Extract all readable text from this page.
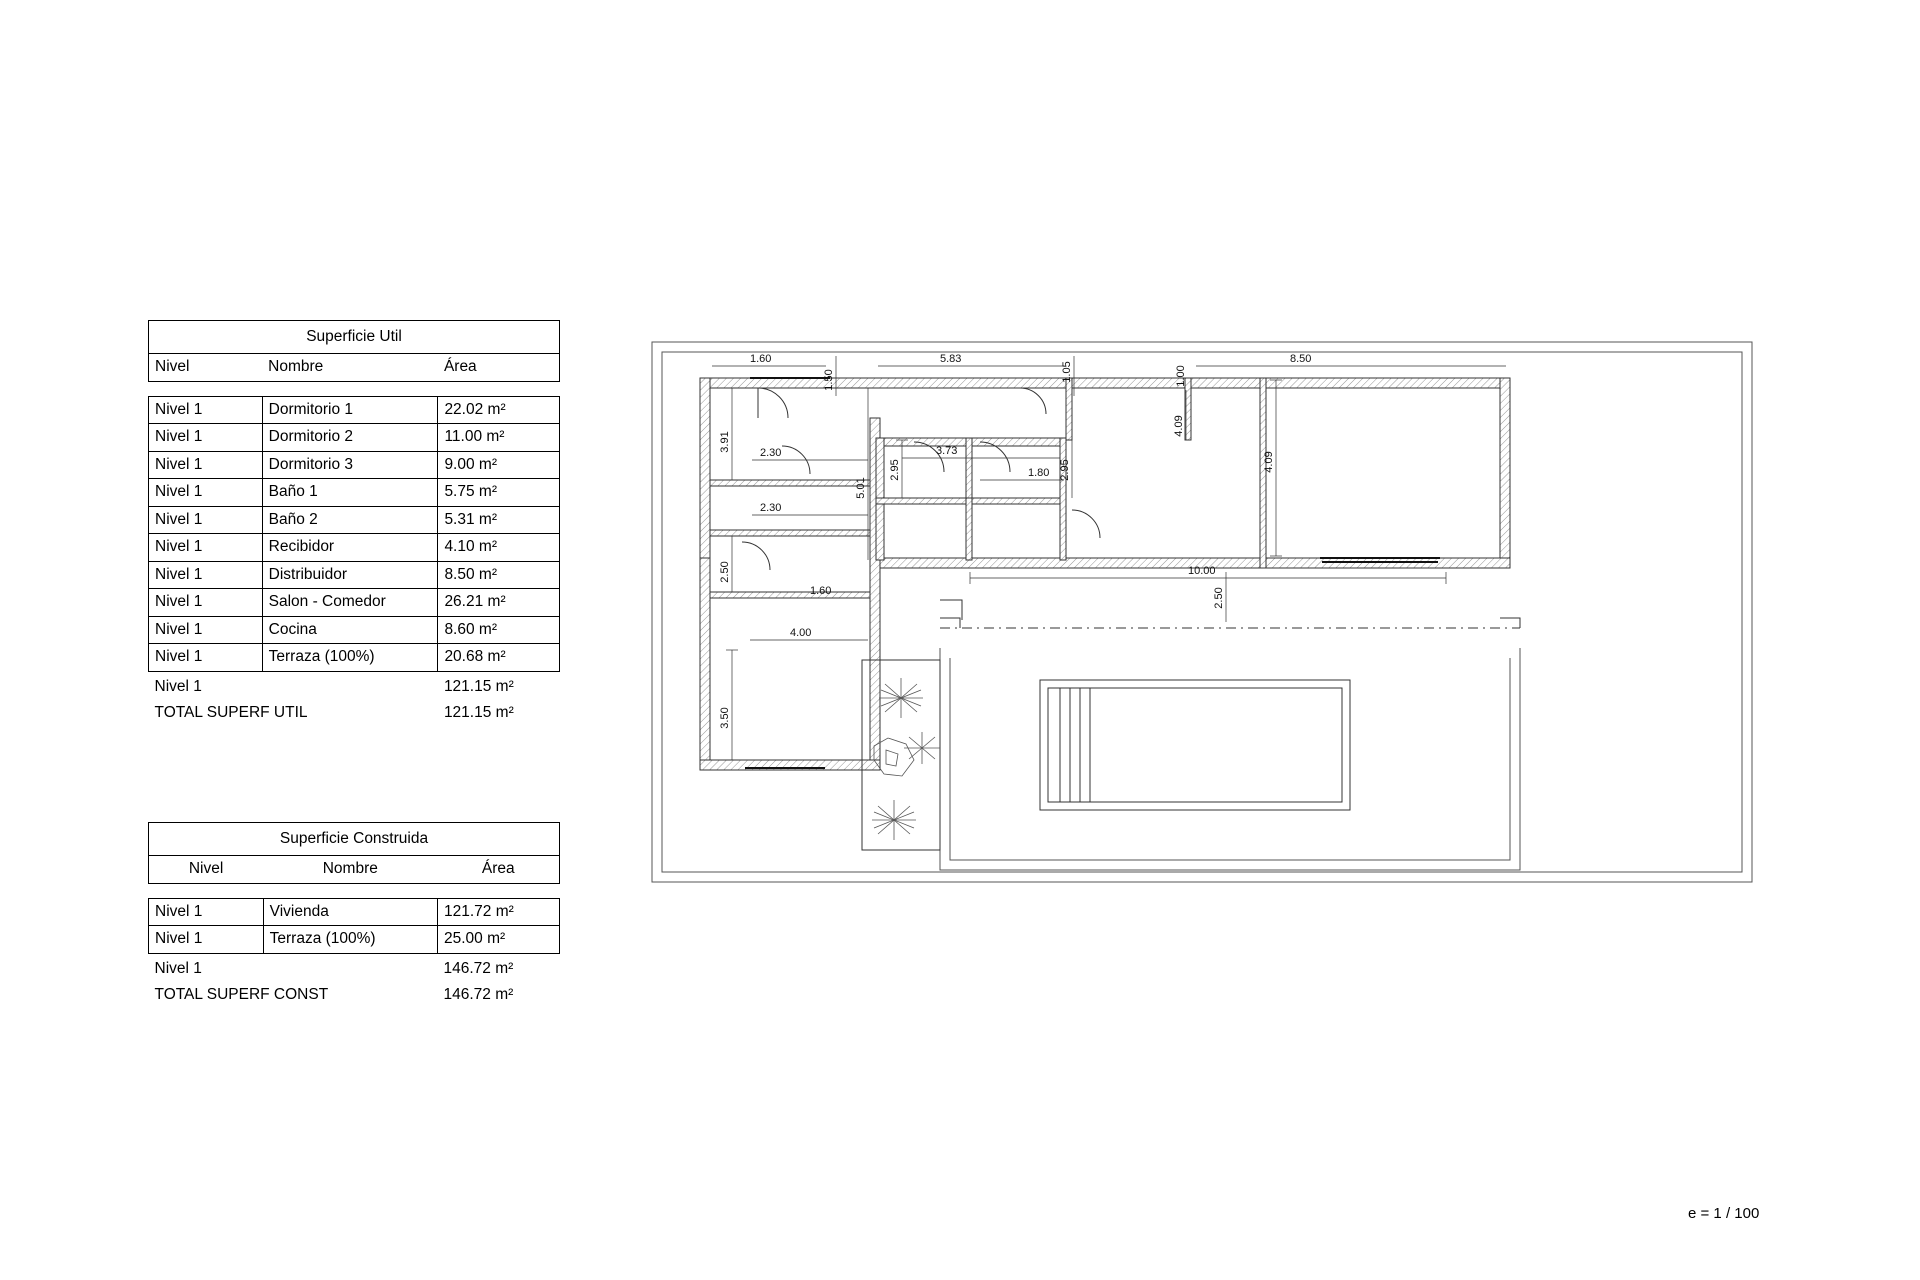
Superficie Util		
Nivel	Nombre	Área

Nivel 1	Dormitorio 1	22.02 m²
Nivel 1	Dormitorio 2	11.00 m²
Nivel 1	Dormitorio 3	9.00 m²
Nivel 1	Baño 1	5.75 m²
Nivel 1	Baño 2	5.31 m²
Nivel 1	Recibidor	4.10 m²
Nivel 1	Distribuidor	8.50 m²
Nivel 1	Salon - Comedor	26.21 m²
Nivel 1	Cocina	8.60 m²
Nivel 1	Terraza (100%)	20.68 m²
Nivel 1		121.15 m²
TOTAL SUPERF UTIL		121.15 m²
Superficie Construida		
Nivel	Nombre	Área

Nivel 1	Vivienda	121.72 m²
Nivel 1	Terraza (100%)	25.00 m²
Nivel 1		146.72 m²
TOTAL SUPERF CONST		146.72 m²
e = 1 / 100
3.91
2.50
3.50
5.01
2.30
2.30
1.60
4.00
1.60
1.50
5.83
1.05	1.00
8.50
2.95
3.73
1.80 2.95
4.09
4.09
10.00
2.50
